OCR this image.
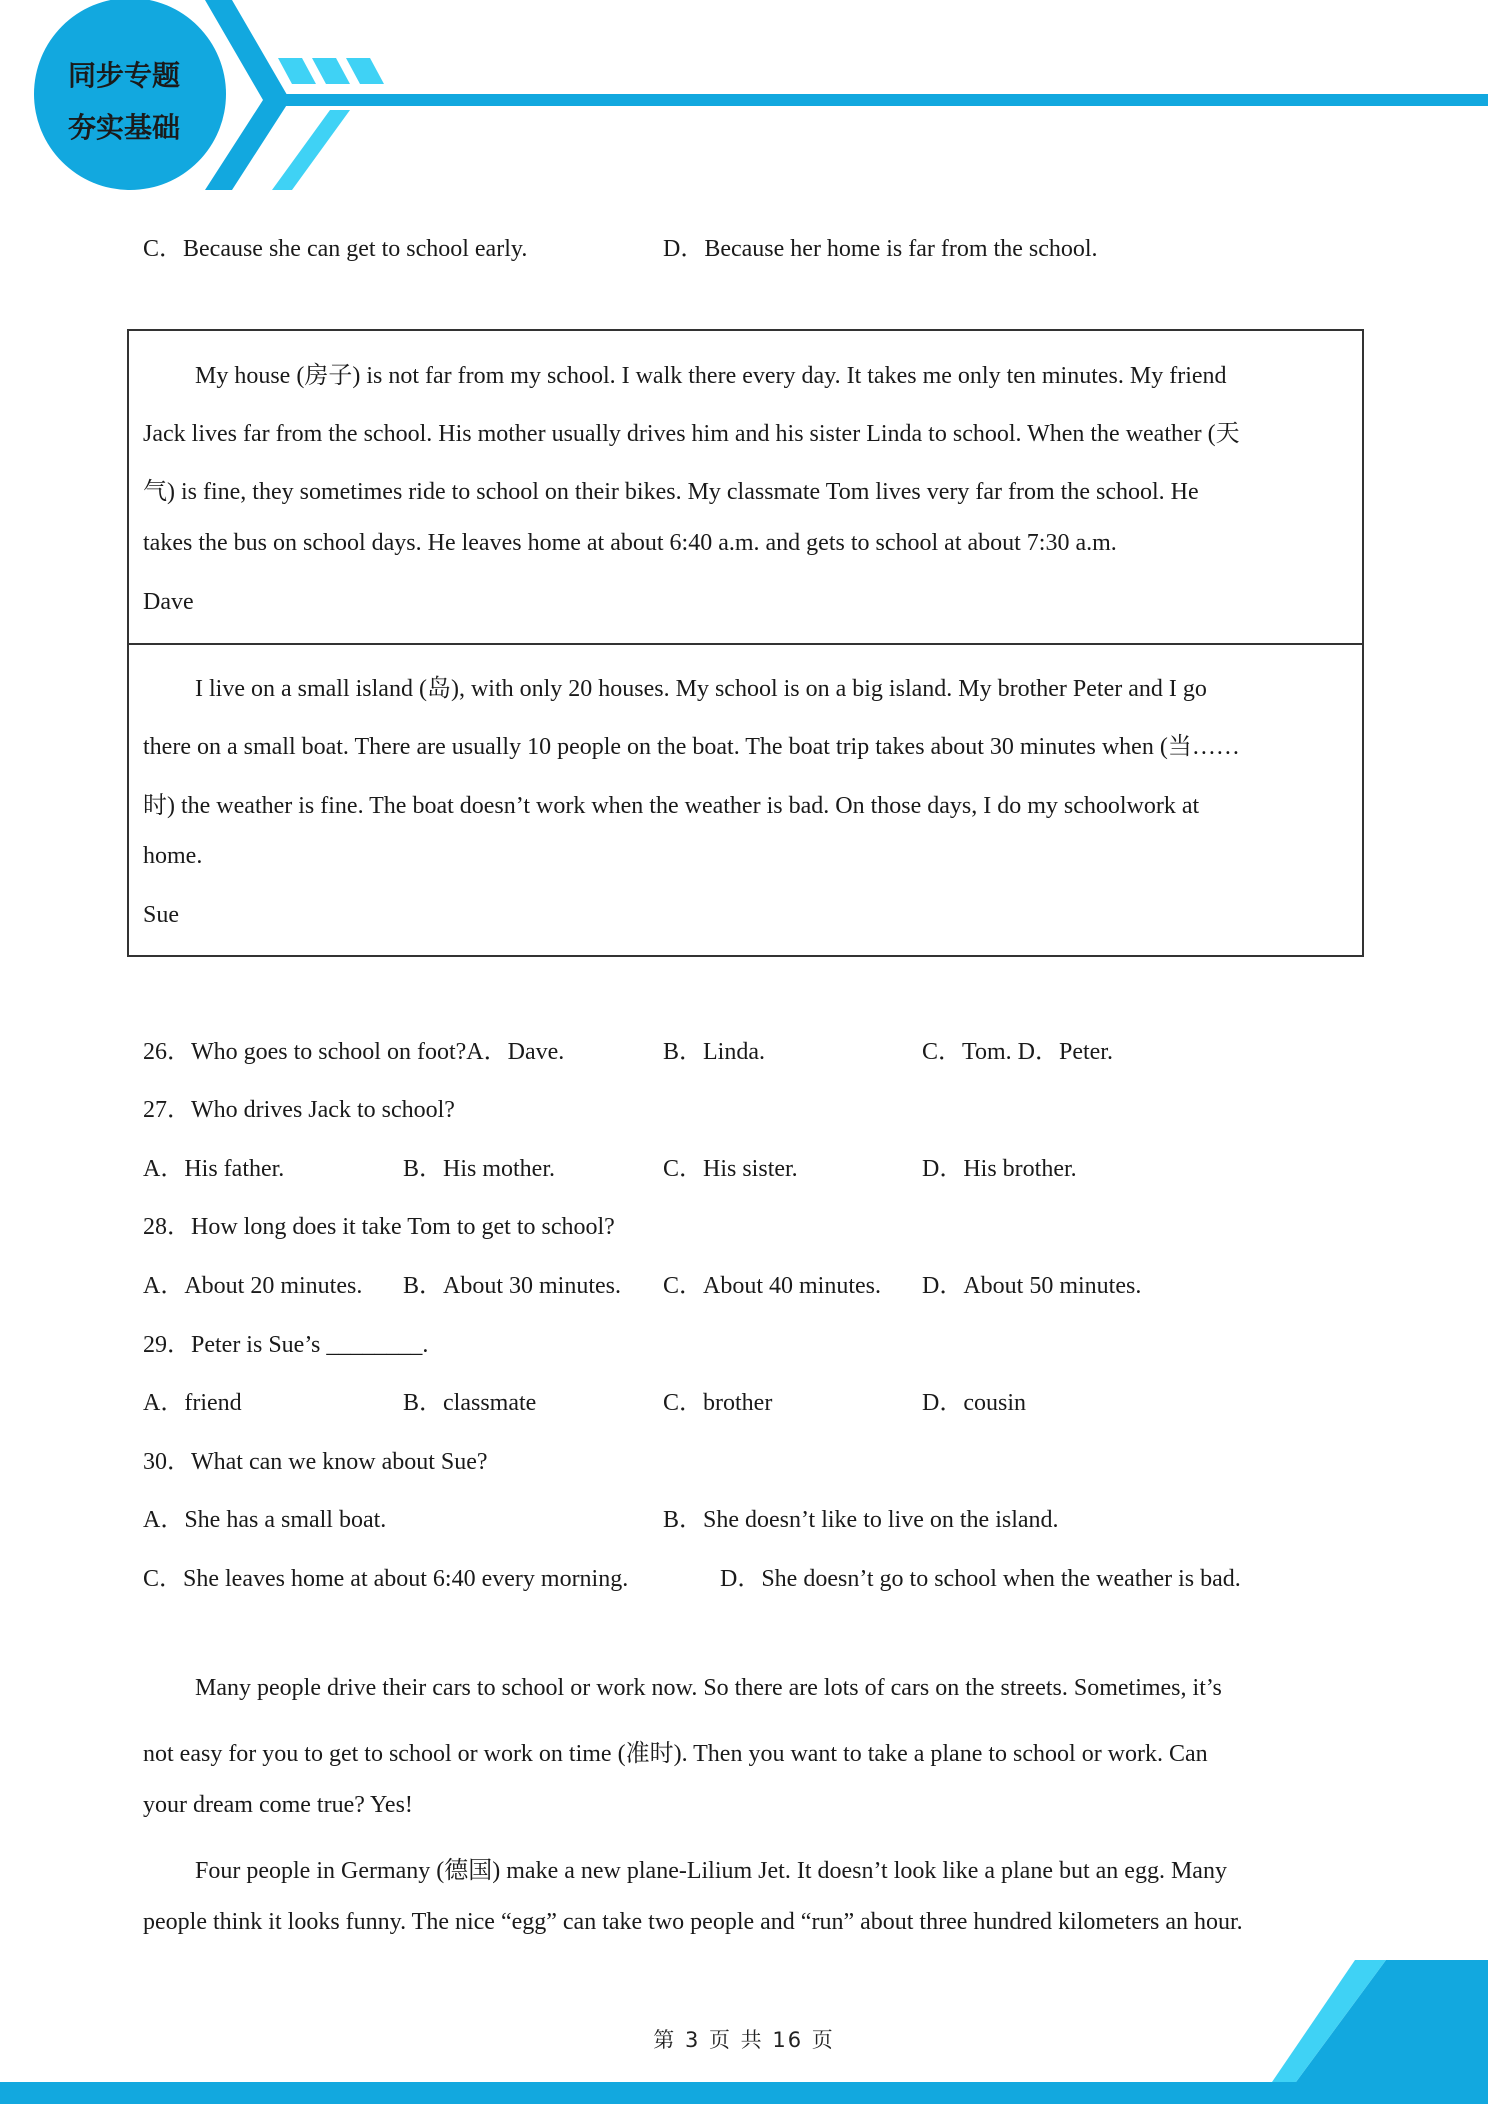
同步专题
夯实基础
C．Because she can get to school early.	D．Because her home is far from the school.
My house (房子) is not far from my school. I walk there every day. It takes me only ten minutes. My friend
Jack lives far from the school. His mother usually drives him and his sister Linda to school. When the weather (天
气) is fine, they sometimes ride to school on their bikes. My classmate Tom lives very far from the school. He
takes the bus on school days. He leaves home at about 6:40 a.m. and gets to school at about 7:30 a.m.
Dave
I live on a small island (岛), with only 20 houses. My school is on a big island. My brother Peter and I go
there on a small boat. There are usually 10 people on the boat. The boat trip takes about 30 minutes when (当……
时) the weather is fine. The boat doesn’t work when the weather is bad. On those days, I do my schoolwork at
home.
Sue
26．Who goes to school on foot?A．Dave.	B．Linda.	C．Tom. D．Peter.
27．Who drives Jack to school?
A．His father.	B．His mother.	C．His sister.	D．His brother.
28．How long does it take Tom to get to school?
A．About 20 minutes. B．About 30 minutes. C．About 40 minutes. D．About 50 minutes.
29．Peter is Sue’s ________.
A．friend	B．classmate	C．brother	D．cousin
30．What can we know about Sue?
A．She has a small boat.	B．She doesn’t like to live on the island.
C．She leaves home at about 6:40 every morning.	D．She doesn’t go to school when the weather is bad.
Many people drive their cars to school or work now. So there are lots of cars on the streets. Sometimes, it’s
not easy for you to get to school or work on time (准时). Then you want to take a plane to school or work. Can
your dream come true? Yes!
Four people in Germany (德国) make a new plane-Lilium Jet. It doesn’t look like a plane but an egg. Many
people think it looks funny. The nice “egg” can take two people and “run” about three hundred kilometers an hour.
第 3 页 共 16 页
